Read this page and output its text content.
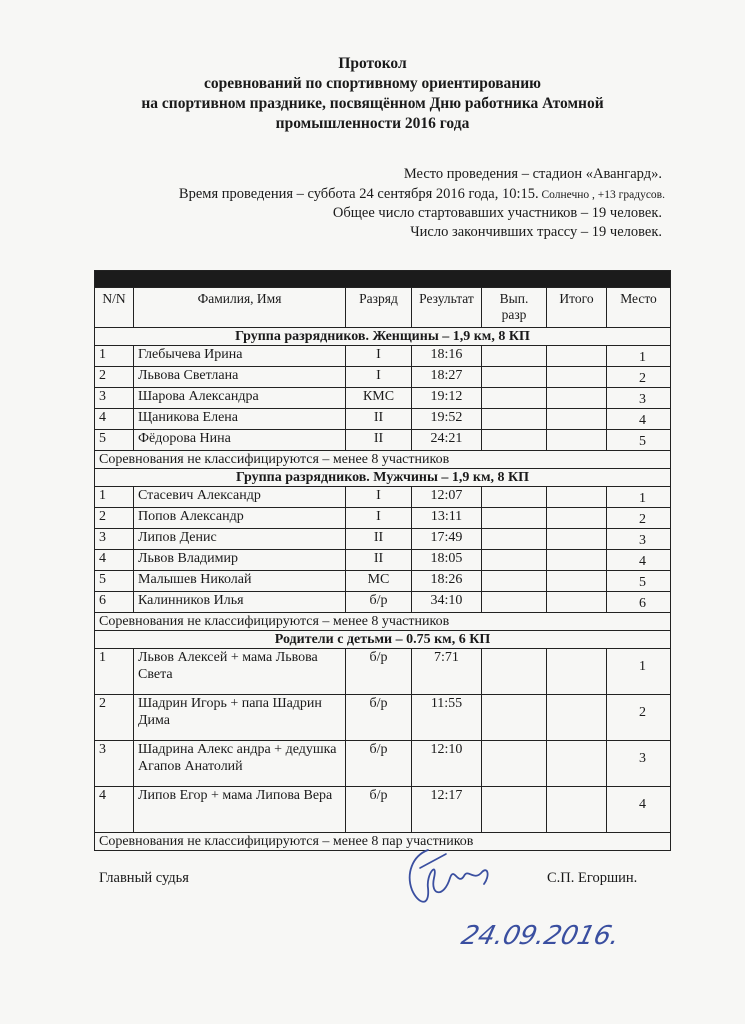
Протокол
соревнований по спортивному ориентированию
на спортивном празднике, посвящённом Дню работника Атомной
промышленности 2016 года
Место проведения – стадион «Авангард».
Время проведения – суббота 24 сентября 2016 года, 10:15. Солнечно , +13 градусов.
Общее число стартовавших участников – 19 человек.
Число закончивших трассу – 19 человек.

N/N	Фамилия, Имя	Разряд	Результат	Вып. разр	Итого	Место
Группа разрядников. Женщины – 1,9 км, 8 КП						
1	Глебычева Ирина	I	18:16			1
2	Львова Светлана	I	18:27			2
3	Шарова Александра	КМС	19:12			3
4	Щаникова Елена	II	19:52			4
5	Фёдорова Нина	II	24:21			5
Соревнования не классифицируются – менее 8 участников						
Группа разрядников. Мужчины – 1,9 км, 8 КП						
1	Стасевич Александр	I	12:07			1
2	Попов Александр	I	13:11			2
3	Липов Денис	II	17:49			3
4	Львов Владимир	II	18:05			4
5	Малышев Николай	МС	18:26			5
6	Калинников Илья	б/р	34:10			6
Соревнования не классифицируются – менее 8 участников						
Родители с детьми – 0.75 км, 6 КП						
1	Львов Алексей + мама Львова Света	б/р	7:71			1
2	Шадрин Игорь + папа Шадрин Дима	б/р	11:55			2
3	Шадрина Алекс андра + дедушка Агапов Анатолий	б/р	12:10			3
4	Липов Егор + мама Липова Вера	б/р	12:17			4
Соревнования не классифицируются – менее 8 пар участников						
Главный судья	С.П. Егоршин.
24.09.2016.
